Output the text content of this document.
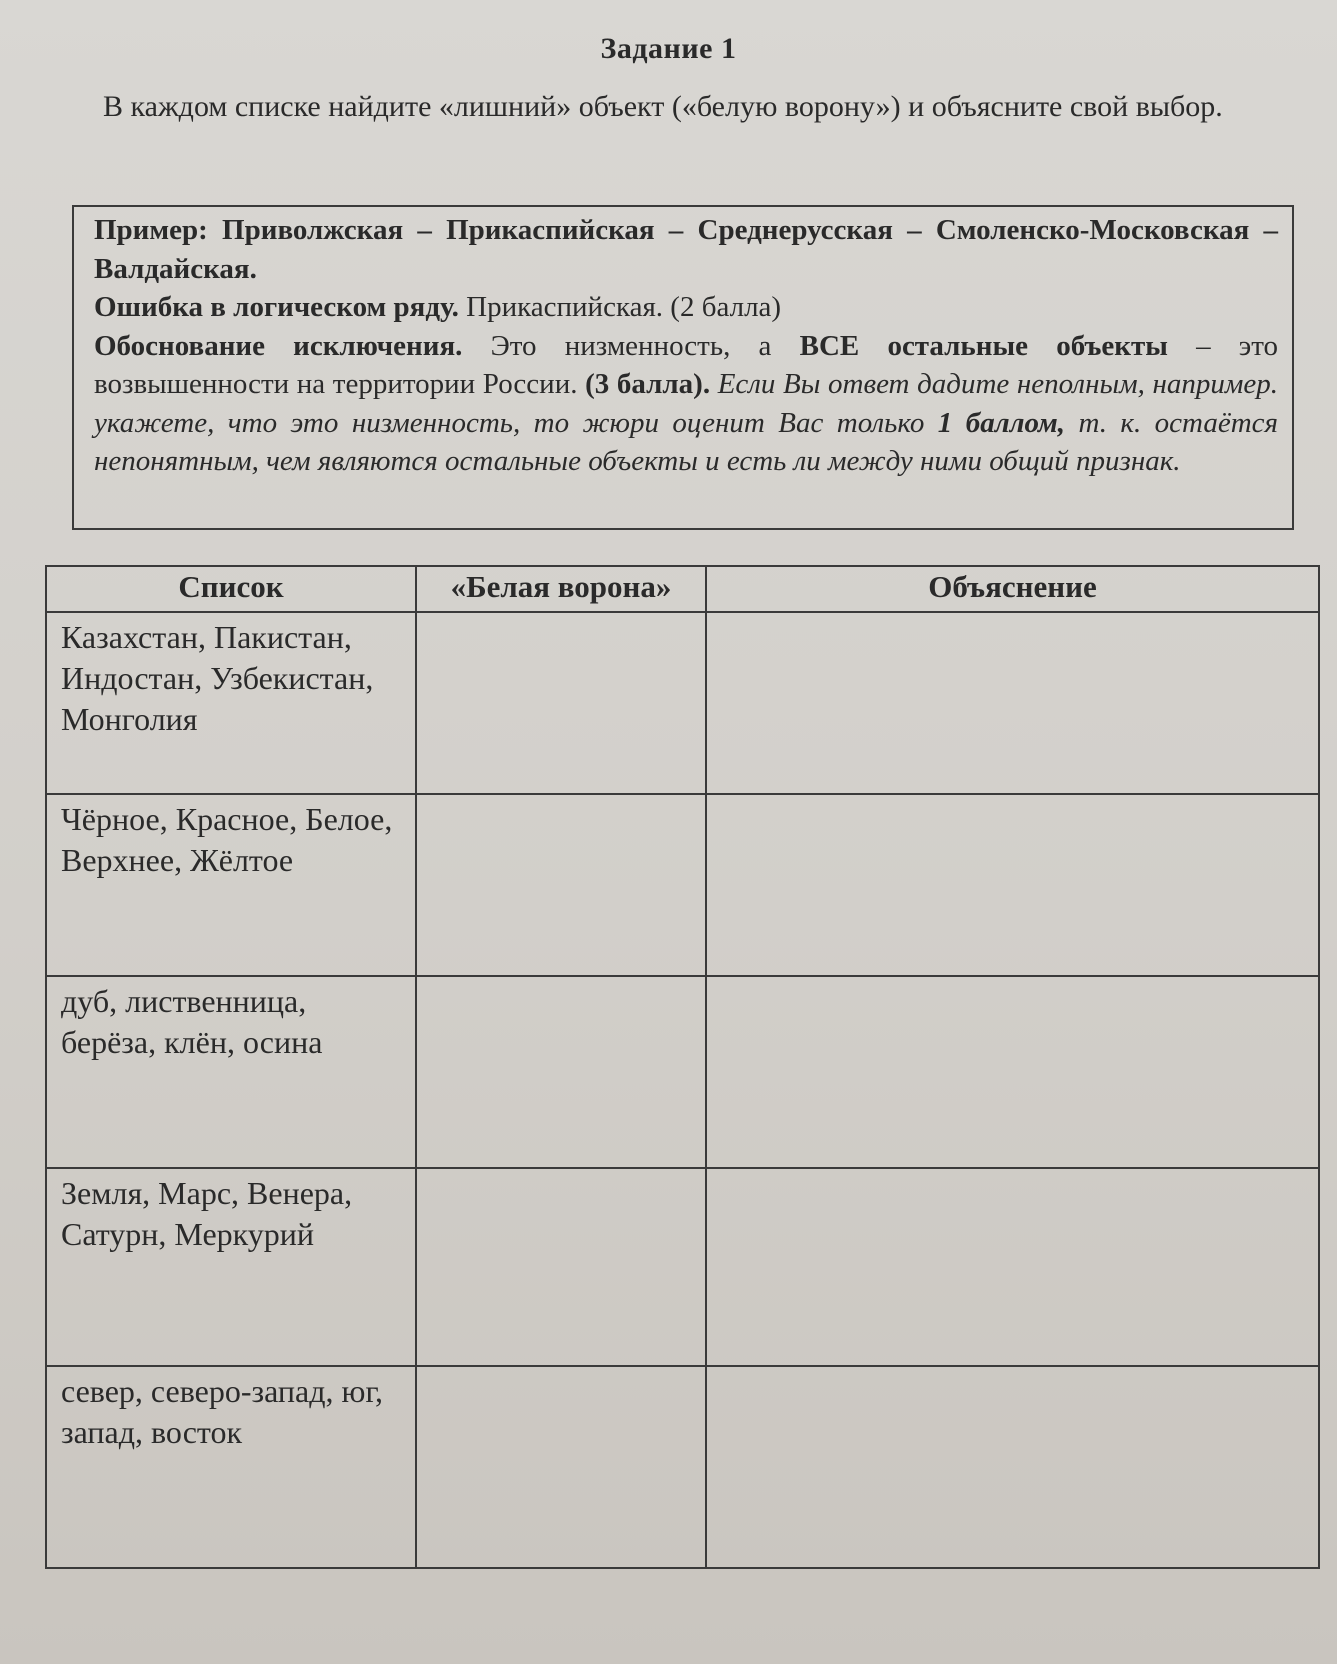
Задание 1
В каждом списке найдите «лишний» объект («белую ворону») и объясните свой выбор.
Пример: Приволжская – Прикаспийская – Среднерусская – Смоленско-Московская – Валдайская.
Ошибка в логическом ряду. Прикаспийская. (2 балла)
Обоснование исключения. Это низменность, а ВСЕ остальные объекты – это возвышенности на территории России. (3 балла). Если Вы ответ дадите неполным, например. укажете, что это низменность, то жюри оценит Вас только 1 баллом, т. к. остаётся непонятным, чем являются остальные объекты и есть ли между ними общий признак.
Список	«Белая ворона»	Объяснение
Казахстан, Пакистан, Индостан, Узбекистан, Монголия		
Чёрное, Красное, Белое, Верхнее, Жёлтое		
дуб, лиственница, берёза, клён, осина		
Земля, Марс, Венера, Сатурн, Меркурий		
север, северо-запад, юг, запад, восток		
